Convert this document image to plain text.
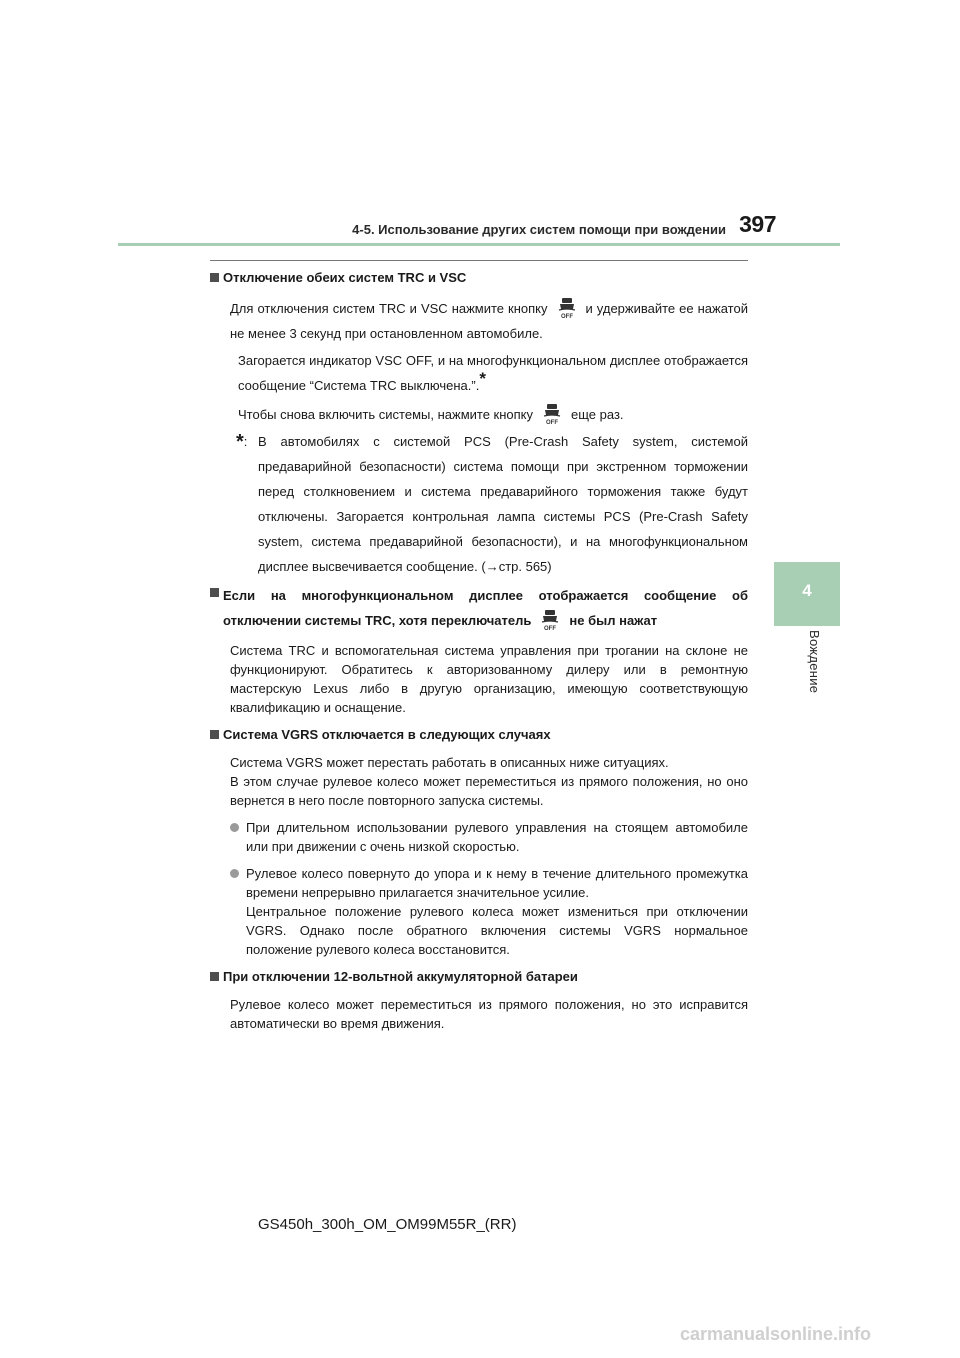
4-5. Использование других систем помощи при вождении 397
4
Вождение
Отключение обеих систем TRC и VSC
Для отключения систем TRC и VSC нажмите кнопку
OFF
и удерживайте ее нажатой не менее 3 секунд при остановленном автомобиле.
Загорается индикатор VSC OFF, и на многофункциональном дисплее отображается сообщение “Система TRC выключена.”.*
Чтобы снова включить системы, нажмите кнопку
OFF
еще раз.
*: В автомобилях с системой PCS (Pre-Crash Safety system, системой предаварийной безопасности) система помощи при экстренном торможении перед столкновением и система предаварийного торможения также будут отключены. Загорается контрольная лампа системы PCS (Pre-Crash Safety system, система предаварийной безопасности), и на многофункциональном дисплее высвечивается сообщение. (→стр. 565)
Если на многофункциональном дисплее отображается сообщение об отключении системы TRC, хотя переключатель
OFF
не был нажат
Система TRC и вспомогательная система управления при трогании на склоне не функционируют. Обратитесь к авторизованному дилеру или в ремонтную мастерскую Lexus либо в другую организацию, имеющую соответствующую квалификацию и оснащение.
Система VGRS отключается в следующих случаях
Система VGRS может перестать работать в описанных ниже ситуациях.
В этом случае рулевое колесо может переместиться из прямого положения, но оно вернется в него после повторного запуска системы.
При длительном использовании рулевого управления на стоящем автомобиле или при движении с очень низкой скоростью.
Рулевое колесо повернуто до упора и к нему в течение длительного промежутка времени непрерывно прилагается значительное усилие.
Центральное положение рулевого колеса может измениться при отключении VGRS. Однако после обратного включения системы VGRS нормальное положение рулевого колеса восстановится.
При отключении 12-вольтной аккумуляторной батареи
Рулевое колесо может переместиться из прямого положения, но это исправится автоматически во время движения.
GS450h_300h_OM_OM99M55R_(RR)
carmanualsonline.info
